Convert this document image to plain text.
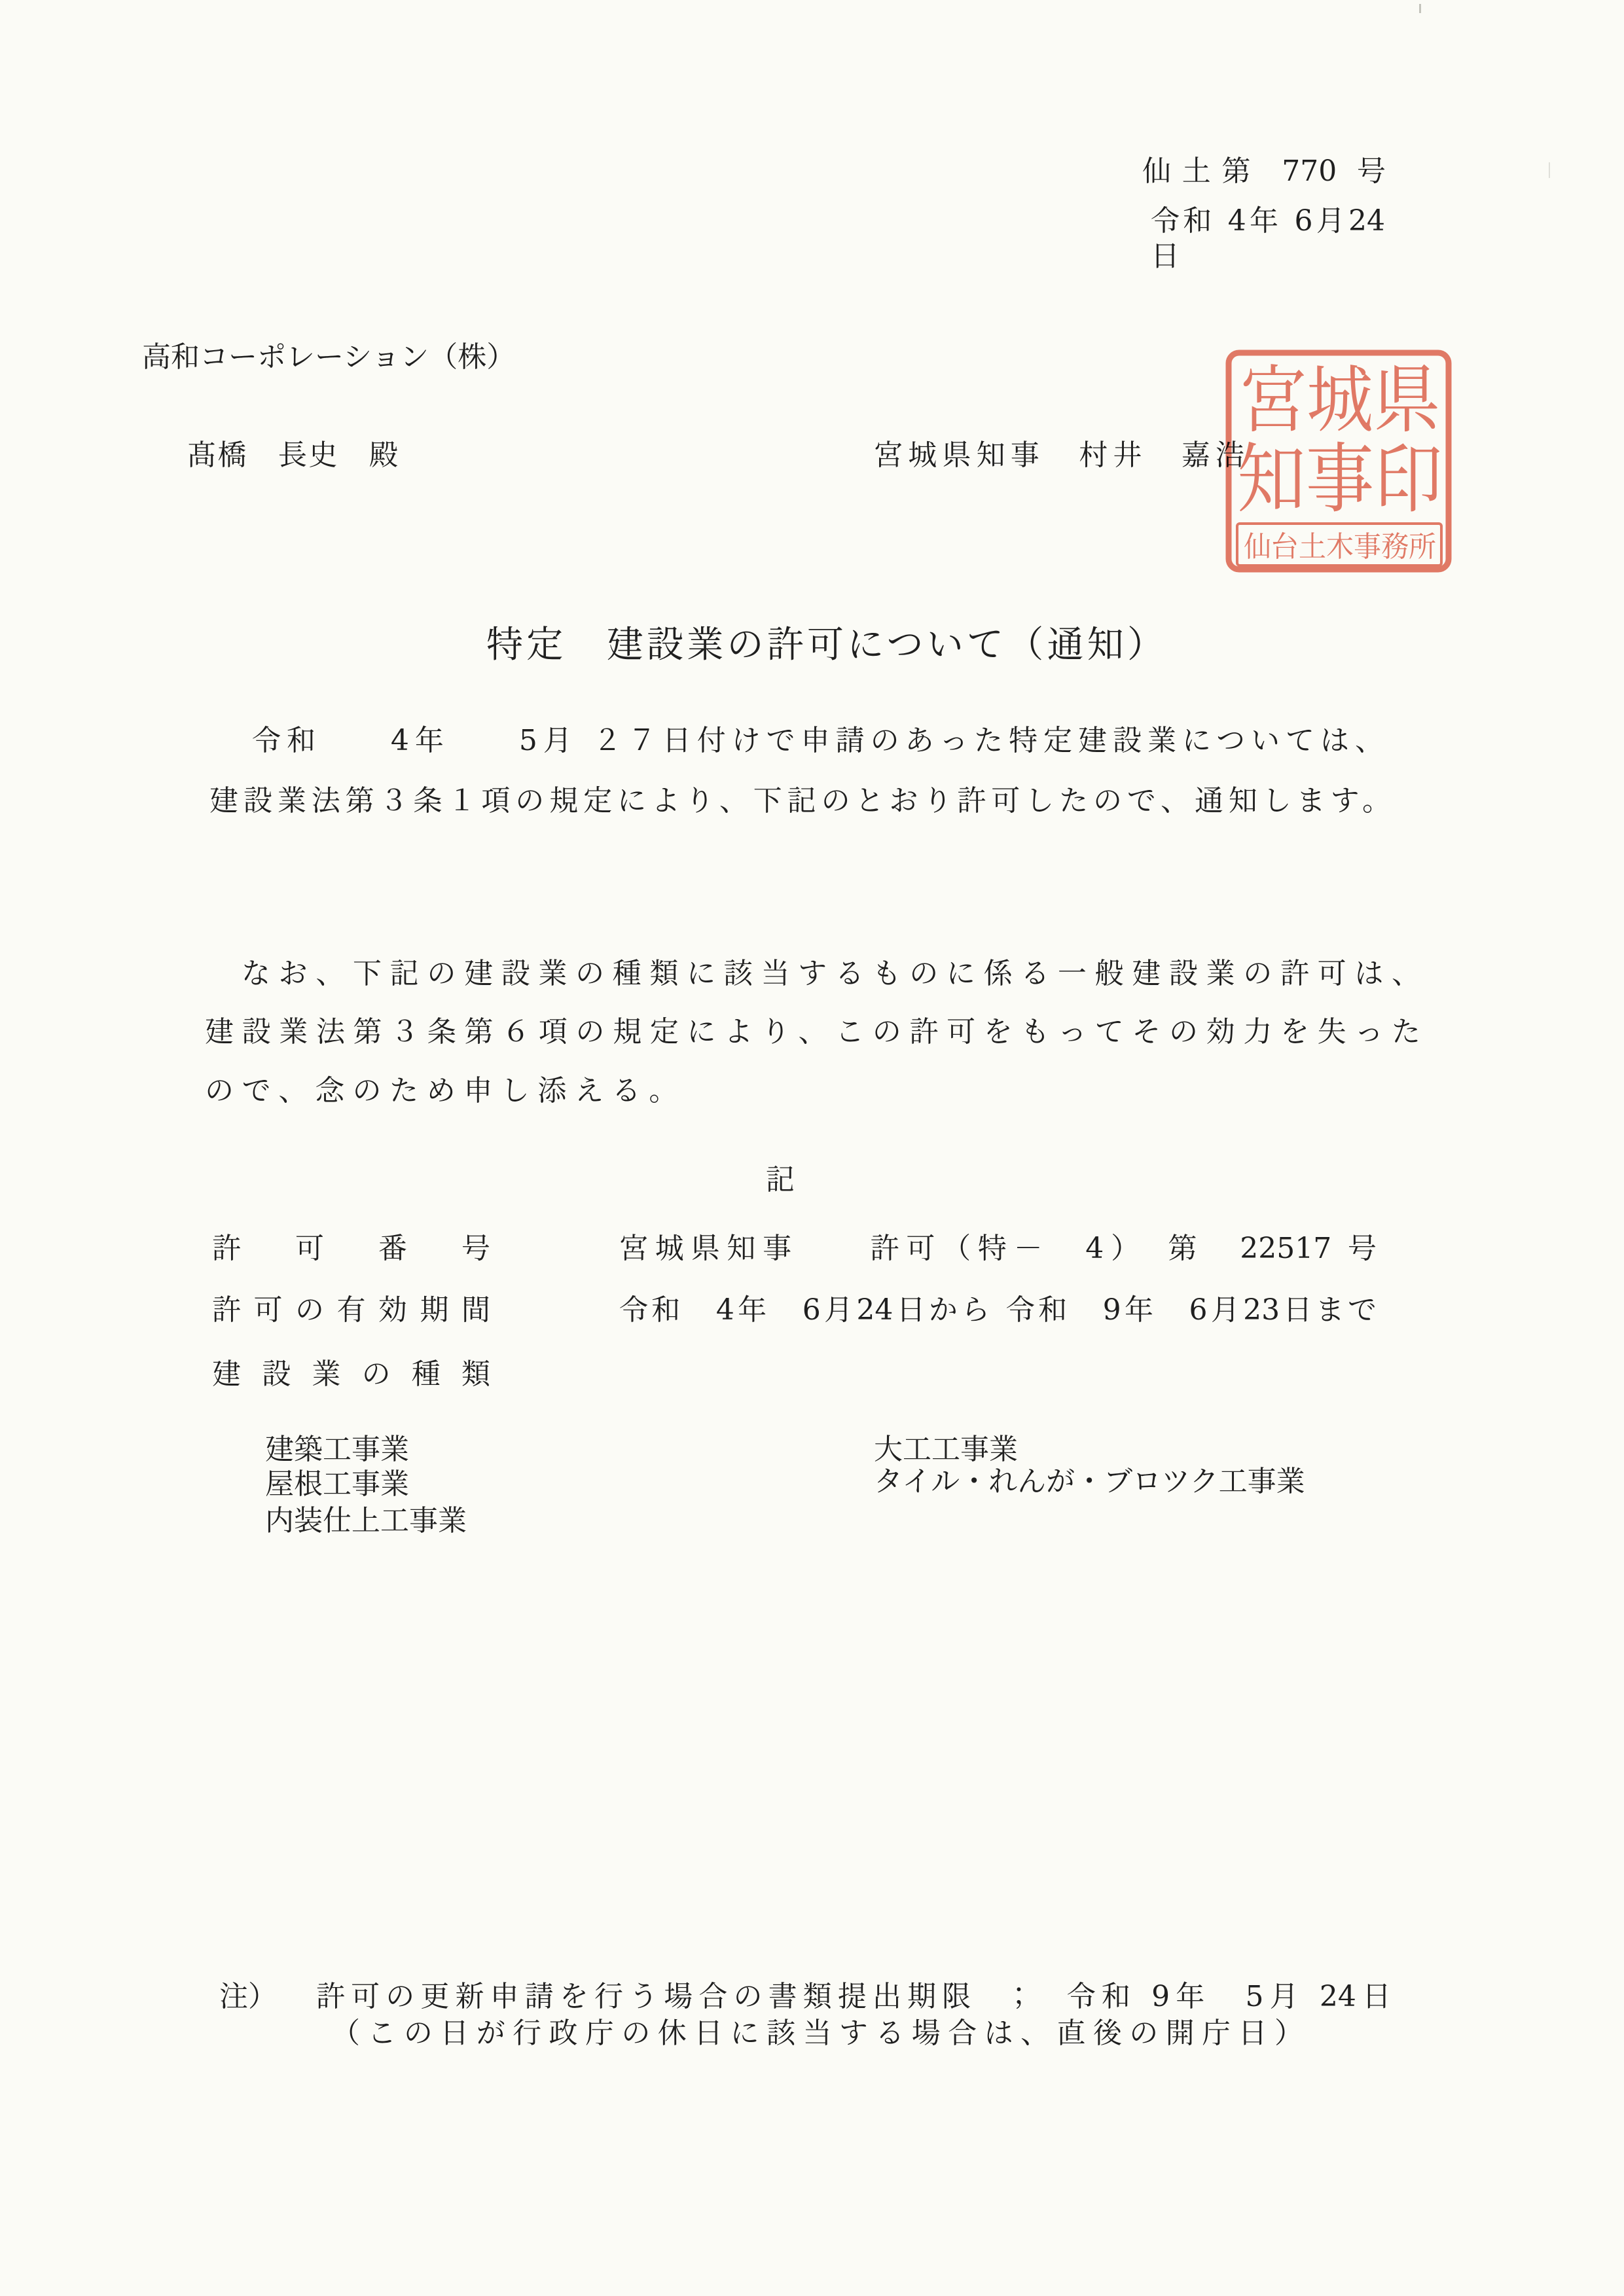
仙土第 770 号
令和 4年 6月24日
高和コーポレーション（株）
髙橋　長史　殿	宮城県知事　村井　嘉浩
宮城県
知事印
仙台土木事務所
特定　建設業の許可について（通知）
令和　　4年　　5月 ２７日付けで申請のあった特定建設業については、
建設業法第３条１項の規定により、下記のとおり許可したので、通知します。
なお、下記の建設業の種類に該当するものに係る一般建設業の許可は、
建設業法第３条第６項の規定により、この許可をもってその効力を失った
ので、念のため申し添える。
記
許　可　番　号	宮城県知事　　許可（特－　4）　第　22517 号
許可の有効期間	令和　4年　6月24日から 令和　9年　6月23日まで
建設業の種類
建築工事業
屋根工事業
内装仕上工事業
大工工事業
タイル・れんが・ブロツク工事業
注） 許可の更新申請を行う場合の書類提出期限　；　令和 9年　5月 24日
（この日が行政庁の休日に該当する場合は、直後の開庁日）
